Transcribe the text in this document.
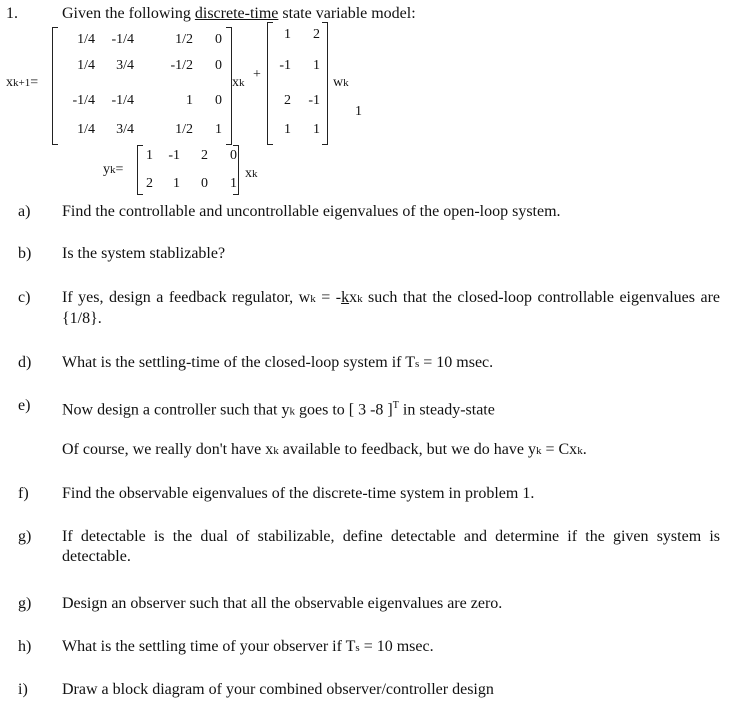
1.	Given the following discrete-time state variable model:
xk+1=
1/4	-1/4	1/2	0
1/4	3/4	-1/2	0
-1/4	-1/4	1	0
1/4	3/4	1/2	1
xk
+
1	2
-1	1
2	-1
1	1
wk
1
yk=
1	-1	2	0
2	1	0	1
xk
a) Find the controllable and uncontrollable eigenvalues of the open-loop system.
b) Is the system stablizable?
c) If yes, design a feedback regulator, wk = -kxk such that the closed-loop controllable eigenvalues are {1/8}.
d) What is the settling-time of the closed-loop system if Ts = 10 msec.
e) Now design a controller such that yk goes to [ 3 -8 ]$^T$ in steady-state
Of course, we really don't have xk available to feedback, but we do have yk = Cxk.
f) Find the observable eigenvalues of the discrete-time system in problem 1.
g) If detectable is the dual of stabilizable, define detectable and determine if the given system is detectable.
g) Design an observer such that all the observable eigenvalues are zero.
h) What is the settling time of your observer if Ts = 10 msec.
i) Draw a block diagram of your combined observer/controller design
